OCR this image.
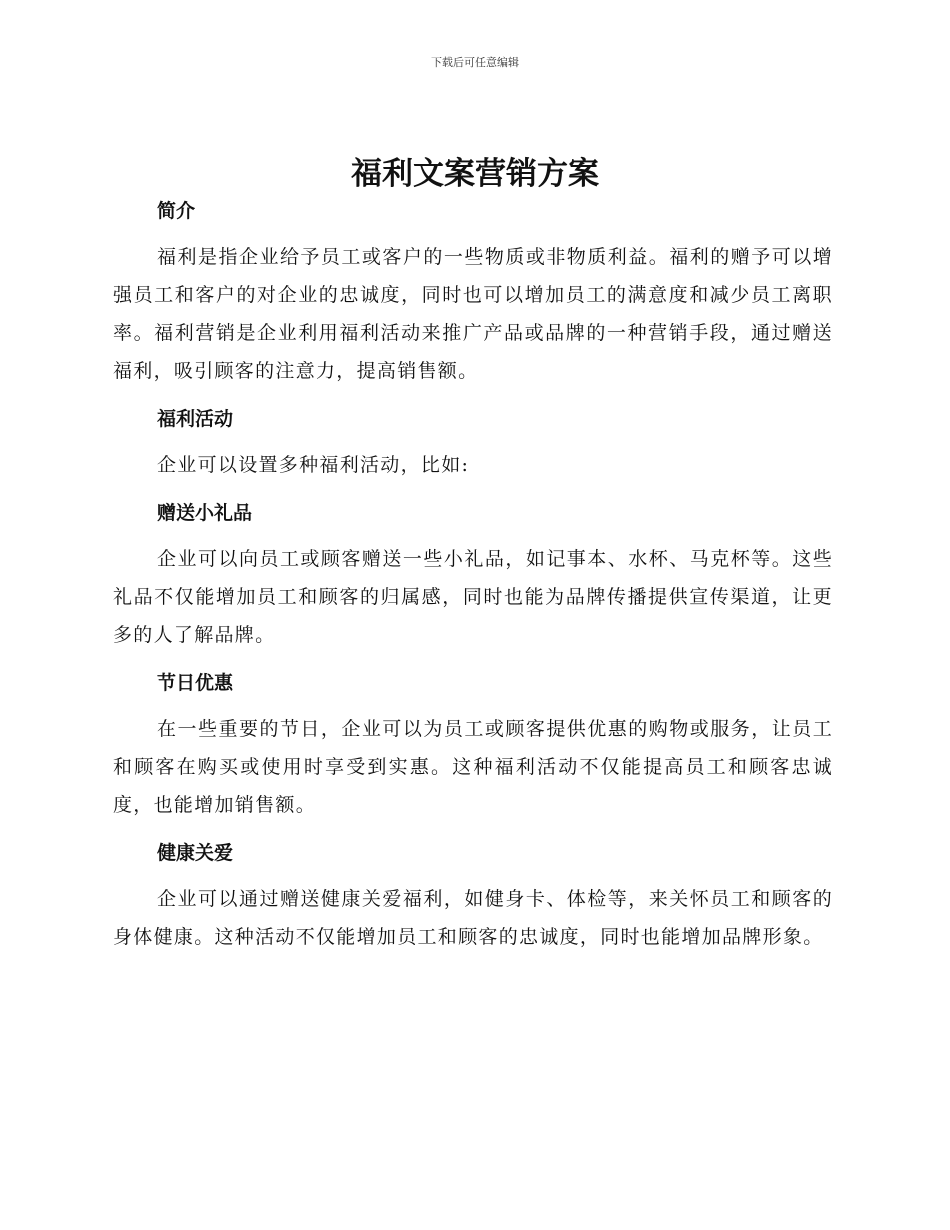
下载后可任意编辑
福利文案营销方案
简介

福利是指企业给予员工或客户的一些物质或非物质利益。福利的赠予可以增强员工和客户的对企业的忠诚度，同时也可以增加员工的满意度和减少员工离职率。福利营销是企业利用福利活动来推广产品或品牌的一种营销手段，通过赠送福利，吸引顾客的注意力，提高销售额。

福利活动

企业可以设置多种福利活动，比如:

赠送小礼品

企业可以向员工或顾客赠送一些小礼品，如记事本、水杯、马克杯等。这些礼品不仅能增加员工和顾客的归属感，同时也能为品牌传播提供宣传渠道，让更多的人了解品牌。

节日优惠

在一些重要的节日，企业可以为员工或顾客提供优惠的购物或服务，让员工和顾客在购买或使用时享受到实惠。这种福利活动不仅能提高员工和顾客忠诚度，也能增加销售额。

健康关爱

企业可以通过赠送健康关爱福利，如健身卡、体检等，来关怀员工和顾客的身体健康。这种活动不仅能增加员工和顾客的忠诚度，同时也能增加品牌形象。
